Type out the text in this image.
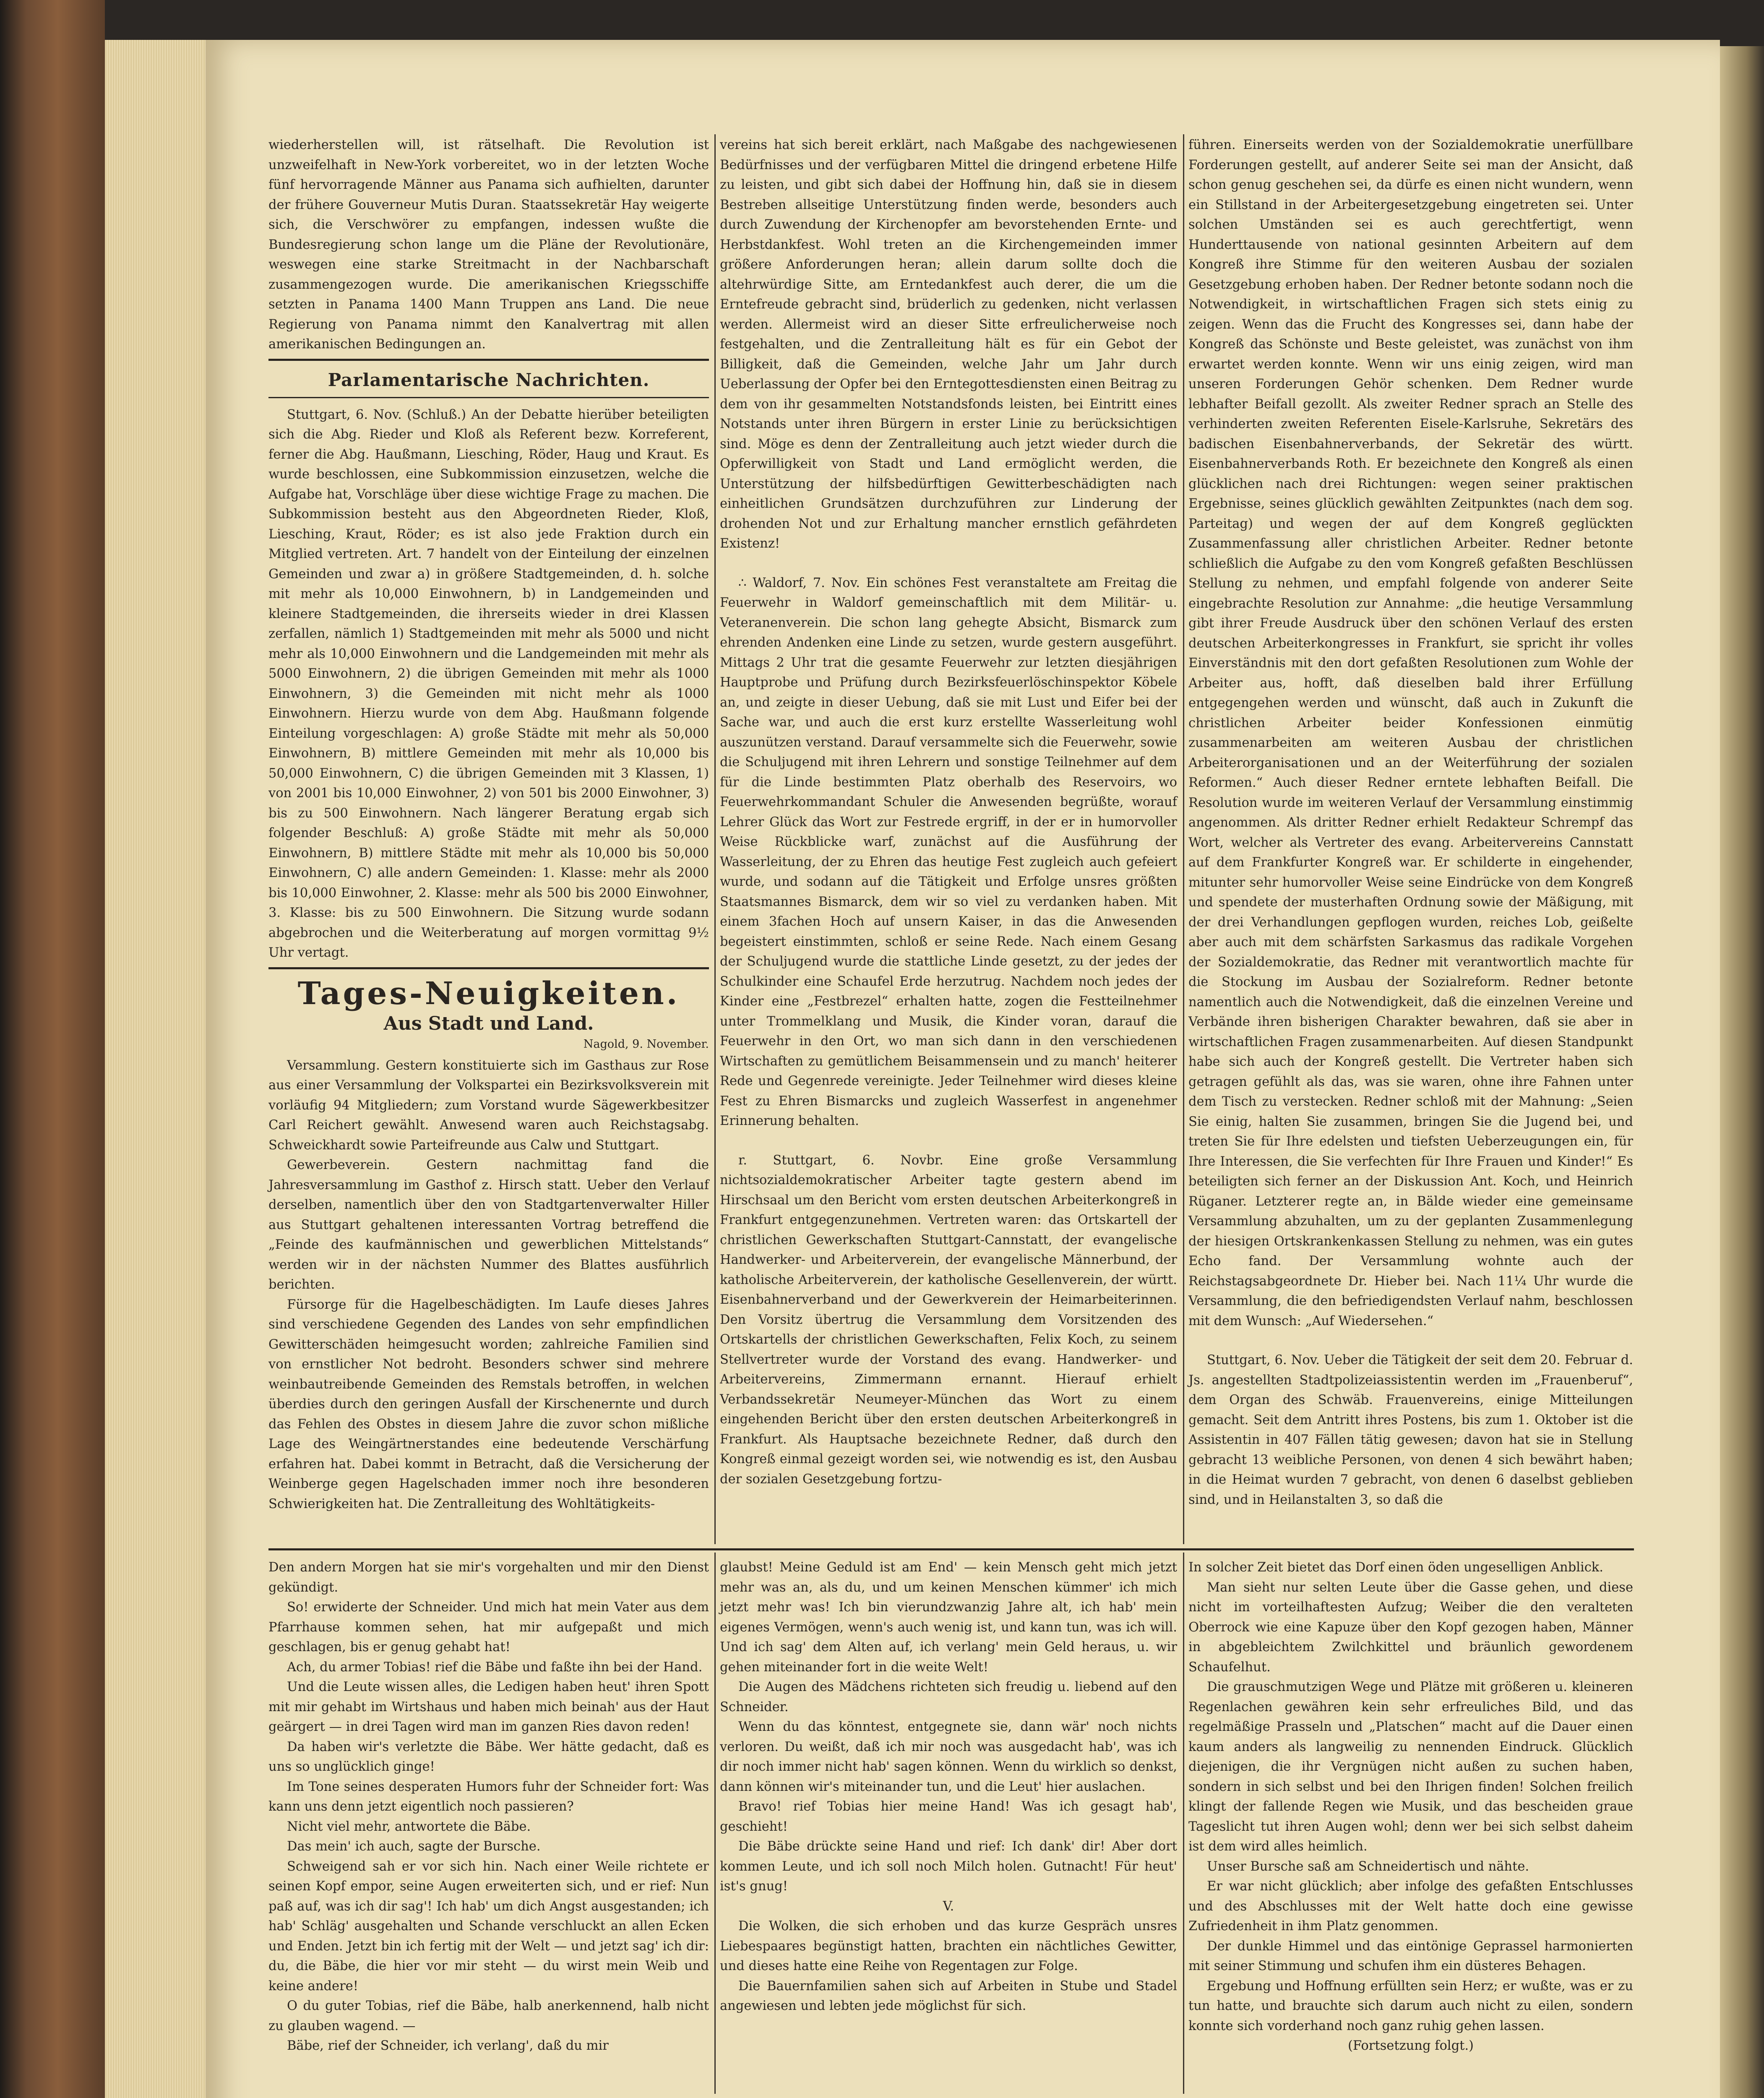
wiederherstellen will, ist rätselhaft. Die Revolution ist unzweifelhaft in New-York vorbereitet, wo in der letzten Woche fünf hervorragende Männer aus Panama sich aufhielten, darunter der frühere Gouverneur Mutis Duran. Staatssekretär Hay weigerte sich, die Verschwörer zu empfangen, indessen wußte die Bundesregierung schon lange um die Pläne der Revolutionäre, weswegen eine starke Streitmacht in der Nachbarschaft zusammengezogen wurde. Die amerikanischen Kriegsschiffe setzten in Panama 1400 Mann Truppen ans Land. Die neue Regierung von Panama nimmt den Kanalvertrag mit allen amerikanischen Bedingungen an.

Parlamentarische Nachrichten.

Stuttgart, 6. Nov. (Schluß.) An der Debatte hierüber beteiligten sich die Abg. Rieder und Kloß als Referent bezw. Korreferent, ferner die Abg. Haußmann, Liesching, Röder, Haug und Kraut. Es wurde beschlossen, eine Subkommission einzusetzen, welche die Aufgabe hat, Vorschläge über diese wichtige Frage zu machen. Die Subkommission besteht aus den Abgeordneten Rieder, Kloß, Liesching, Kraut, Röder; es ist also jede Fraktion durch ein Mitglied vertreten. Art. 7 handelt von der Einteilung der einzelnen Gemeinden und zwar a) in größere Stadtgemeinden, d. h. solche mit mehr als 10,000 Einwohnern, b) in Landgemeinden und kleinere Stadtgemeinden, die ihrerseits wieder in drei Klassen zerfallen, nämlich 1) Stadtgemeinden mit mehr als 5000 und nicht mehr als 10,000 Einwohnern und die Landgemeinden mit mehr als 5000 Einwohnern, 2) die übrigen Gemeinden mit mehr als 1000 Einwohnern, 3) die Gemeinden mit nicht mehr als 1000 Einwohnern. Hierzu wurde von dem Abg. Haußmann folgende Einteilung vorgeschlagen: A) große Städte mit mehr als 50,000 Einwohnern, B) mittlere Gemeinden mit mehr als 10,000 bis 50,000 Einwohnern, C) die übrigen Gemeinden mit 3 Klassen, 1) von 2001 bis 10,000 Einwohner, 2) von 501 bis 2000 Einwohner, 3) bis zu 500 Einwohnern. Nach längerer Beratung ergab sich folgender Beschluß: A) große Städte mit mehr als 50,000 Einwohnern, B) mittlere Städte mit mehr als 10,000 bis 50,000 Einwohnern, C) alle andern Gemeinden: 1. Klasse: mehr als 2000 bis 10,000 Einwohner, 2. Klasse: mehr als 500 bis 2000 Einwohner, 3. Klasse: bis zu 500 Einwohnern. Die Sitzung wurde sodann abgebrochen und die Weiterberatung auf morgen vormittag 9½ Uhr vertagt.

Tages-Neuigkeiten.
Aus Stadt und Land.
Nagold, 9. November.

Versammlung. Gestern konstituierte sich im Gasthaus zur Rose aus einer Versammlung der Volkspartei ein Bezirksvolksverein mit vorläufig 94 Mitgliedern; zum Vorstand wurde Sägewerkbesitzer Carl Reichert gewählt. Anwesend waren auch Reichstagsabg. Schweickhardt sowie Parteifreunde aus Calw und Stuttgart.

Gewerbeverein. Gestern nachmittag fand die Jahresversammlung im Gasthof z. Hirsch statt. Ueber den Verlauf derselben, namentlich über den von Stadtgartenverwalter Hiller aus Stuttgart gehaltenen interessanten Vortrag betreffend die „Feinde des kaufmännischen und gewerblichen Mittelstands“ werden wir in der nächsten Nummer des Blattes ausführlich berichten.

Fürsorge für die Hagelbeschädigten. Im Laufe dieses Jahres sind verschiedene Gegenden des Landes von sehr empfindlichen Gewitterschäden heimgesucht worden; zahlreiche Familien sind von ernstlicher Not bedroht. Besonders schwer sind mehrere weinbautreibende Gemeinden des Remstals betroffen, in welchen überdies durch den geringen Ausfall der Kirschenernte und durch das Fehlen des Obstes in diesem Jahre die zuvor schon mißliche Lage des Weingärtnerstandes eine bedeutende Verschärfung erfahren hat. Dabei kommt in Betracht, daß die Versicherung der Weinberge gegen Hagelschaden immer noch ihre besonderen Schwierigkeiten hat. Die Zentralleitung des Wohltätigkeits-

vereins hat sich bereit erklärt, nach Maßgabe des nachgewiesenen Bedürfnisses und der verfügbaren Mittel die dringend erbetene Hilfe zu leisten, und gibt sich dabei der Hoffnung hin, daß sie in diesem Bestreben allseitige Unterstützung finden werde, besonders auch durch Zuwendung der Kirchenopfer am bevorstehenden Ernte- und Herbstdankfest. Wohl treten an die Kirchengemeinden immer größere Anforderungen heran; allein darum sollte doch die altehrwürdige Sitte, am Erntedankfest auch derer, die um die Erntefreude gebracht sind, brüderlich zu gedenken, nicht verlassen werden. Allermeist wird an dieser Sitte erfreulicherweise noch festgehalten, und die Zentralleitung hält es für ein Gebot der Billigkeit, daß die Gemeinden, welche Jahr um Jahr durch Ueberlassung der Opfer bei den Erntegottesdiensten einen Beitrag zu dem von ihr gesammelten Notstandsfonds leisten, bei Eintritt eines Notstands unter ihren Bürgern in erster Linie zu berücksichtigen sind. Möge es denn der Zentralleitung auch jetzt wieder durch die Opferwilligkeit von Stadt und Land ermöglicht werden, die Unterstützung der hilfsbedürftigen Gewitterbeschädigten nach einheitlichen Grundsätzen durchzuführen zur Linderung der drohenden Not und zur Erhaltung mancher ernstlich gefährdeten Existenz!

∴ Waldorf, 7. Nov. Ein schönes Fest veranstaltete am Freitag die Feuerwehr in Waldorf gemeinschaftlich mit dem Militär- u. Veteranenverein. Die schon lang gehegte Absicht, Bismarck zum ehrenden Andenken eine Linde zu setzen, wurde gestern ausgeführt. Mittags 2 Uhr trat die gesamte Feuerwehr zur letzten diesjährigen Hauptprobe und Prüfung durch Bezirksfeuerlöschinspektor Köbele an, und zeigte in dieser Uebung, daß sie mit Lust und Eifer bei der Sache war, und auch die erst kurz erstellte Wasserleitung wohl auszunützen verstand. Darauf versammelte sich die Feuerwehr, sowie die Schuljugend mit ihren Lehrern und sonstige Teilnehmer auf dem für die Linde bestimmten Platz oberhalb des Reservoirs, wo Feuerwehrkommandant Schuler die Anwesenden begrüßte, worauf Lehrer Glück das Wort zur Festrede ergriff, in der er in humorvoller Weise Rückblicke warf, zunächst auf die Ausführung der Wasserleitung, der zu Ehren das heutige Fest zugleich auch gefeiert wurde, und sodann auf die Tätigkeit und Erfolge unsres größten Staatsmannes Bismarck, dem wir so viel zu verdanken haben. Mit einem 3fachen Hoch auf unsern Kaiser, in das die Anwesenden begeistert einstimmten, schloß er seine Rede. Nach einem Gesang der Schuljugend wurde die stattliche Linde gesetzt, zu der jedes der Schulkinder eine Schaufel Erde herzutrug. Nachdem noch jedes der Kinder eine „Festbrezel“ erhalten hatte, zogen die Festteilnehmer unter Trommelklang und Musik, die Kinder voran, darauf die Feuerwehr in den Ort, wo man sich dann in den verschiedenen Wirtschaften zu gemütlichem Beisammensein und zu manch' heiterer Rede und Gegenrede vereinigte. Jeder Teilnehmer wird dieses kleine Fest zu Ehren Bismarcks und zugleich Wasserfest in angenehmer Erinnerung behalten.

r. Stuttgart, 6. Novbr. Eine große Versammlung nichtsozialdemokratischer Arbeiter tagte gestern abend im Hirschsaal um den Bericht vom ersten deutschen Arbeiterkongreß in Frankfurt entgegenzunehmen. Vertreten waren: das Ortskartell der christlichen Gewerkschaften Stuttgart-Cannstatt, der evangelische Handwerker- und Arbeiterverein, der evangelische Männerbund, der katholische Arbeiterverein, der katholische Gesellenverein, der württ. Eisenbahnerverband und der Gewerkverein der Heimarbeiterinnen. Den Vorsitz übertrug die Versammlung dem Vorsitzenden des Ortskartells der christlichen Gewerkschaften, Felix Koch, zu seinem Stellvertreter wurde der Vorstand des evang. Handwerker- und Arbeitervereins, Zimmermann ernannt. Hierauf erhielt Verbandssekretär Neumeyer-München das Wort zu einem eingehenden Bericht über den ersten deutschen Arbeiterkongreß in Frankfurt. Als Hauptsache bezeichnete Redner, daß durch den Kongreß einmal gezeigt worden sei, wie notwendig es ist, den Ausbau der sozialen Gesetzgebung fortzu-

führen. Einerseits werden von der Sozialdemokratie unerfüllbare Forderungen gestellt, auf anderer Seite sei man der Ansicht, daß schon genug geschehen sei, da dürfe es einen nicht wundern, wenn ein Stillstand in der Arbeitergesetzgebung eingetreten sei. Unter solchen Umständen sei es auch gerechtfertigt, wenn Hunderttausende von national gesinnten Arbeitern auf dem Kongreß ihre Stimme für den weiteren Ausbau der sozialen Gesetzgebung erhoben haben. Der Redner betonte sodann noch die Notwendigkeit, in wirtschaftlichen Fragen sich stets einig zu zeigen. Wenn das die Frucht des Kongresses sei, dann habe der Kongreß das Schönste und Beste geleistet, was zunächst von ihm erwartet werden konnte. Wenn wir uns einig zeigen, wird man unseren Forderungen Gehör schenken. Dem Redner wurde lebhafter Beifall gezollt. Als zweiter Redner sprach an Stelle des verhinderten zweiten Referenten Eisele-Karlsruhe, Sekretärs des badischen Eisenbahnerverbands, der Sekretär des württ. Eisenbahnerverbands Roth. Er bezeichnete den Kongreß als einen glücklichen nach drei Richtungen: wegen seiner praktischen Ergebnisse, seines glücklich gewählten Zeitpunktes (nach dem sog. Parteitag) und wegen der auf dem Kongreß geglückten Zusammenfassung aller christlichen Arbeiter. Redner betonte schließlich die Aufgabe zu den vom Kongreß gefaßten Beschlüssen Stellung zu nehmen, und empfahl folgende von anderer Seite eingebrachte Resolution zur Annahme: „die heutige Versammlung gibt ihrer Freude Ausdruck über den schönen Verlauf des ersten deutschen Arbeiterkongresses in Frankfurt, sie spricht ihr volles Einverständnis mit den dort gefaßten Resolutionen zum Wohle der Arbeiter aus, hofft, daß dieselben bald ihrer Erfüllung entgegengehen werden und wünscht, daß auch in Zukunft die christlichen Arbeiter beider Konfessionen einmütig zusammenarbeiten am weiteren Ausbau der christlichen Arbeiterorganisationen und an der Weiterführung der sozialen Reformen.“ Auch dieser Redner erntete lebhaften Beifall. Die Resolution wurde im weiteren Verlauf der Versammlung einstimmig angenommen. Als dritter Redner erhielt Redakteur Schrempf das Wort, welcher als Vertreter des evang. Arbeitervereins Cannstatt auf dem Frankfurter Kongreß war. Er schilderte in eingehender, mitunter sehr humorvoller Weise seine Eindrücke von dem Kongreß und spendete der musterhaften Ordnung sowie der Mäßigung, mit der drei Verhandlungen gepflogen wurden, reiches Lob, geißelte aber auch mit dem schärfsten Sarkasmus das radikale Vorgehen der Sozialdemokratie, das Redner mit verantwortlich machte für die Stockung im Ausbau der Sozialreform. Redner betonte namentlich auch die Notwendigkeit, daß die einzelnen Vereine und Verbände ihren bisherigen Charakter bewahren, daß sie aber in wirtschaftlichen Fragen zusammenarbeiten. Auf diesen Standpunkt habe sich auch der Kongreß gestellt. Die Vertreter haben sich getragen gefühlt als das, was sie waren, ohne ihre Fahnen unter dem Tisch zu verstecken. Redner schloß mit der Mahnung: „Seien Sie einig, halten Sie zusammen, bringen Sie die Jugend bei, und treten Sie für Ihre edelsten und tiefsten Ueberzeugungen ein, für Ihre Interessen, die Sie verfechten für Ihre Frauen und Kinder!“ Es beteiligten sich ferner an der Diskussion Ant. Koch, und Heinrich Rüganer. Letzterer regte an, in Bälde wieder eine gemeinsame Versammlung abzuhalten, um zu der geplanten Zusammenlegung der hiesigen Ortskrankenkassen Stellung zu nehmen, was ein gutes Echo fand. Der Versammlung wohnte auch der Reichstagsabgeordnete Dr. Hieber bei. Nach 11¼ Uhr wurde die Versammlung, die den befriedigendsten Verlauf nahm, beschlossen mit dem Wunsch: „Auf Wiedersehen.“

Stuttgart, 6. Nov. Ueber die Tätigkeit der seit dem 20. Februar d. Js. angestellten Stadtpolizeiassistentin werden im „Frauenberuf“, dem Organ des Schwäb. Frauenvereins, einige Mitteilungen gemacht. Seit dem Antritt ihres Postens, bis zum 1. Oktober ist die Assistentin in 407 Fällen tätig gewesen; davon hat sie in Stellung gebracht 13 weibliche Personen, von denen 4 sich bewährt haben; in die Heimat wurden 7 gebracht, von denen 6 daselbst geblieben sind, und in Heilanstalten 3, so daß die

Den andern Morgen hat sie mir's vorgehalten und mir den Dienst gekündigt.

So! erwiderte der Schneider. Und mich hat mein Vater aus dem Pfarrhause kommen sehen, hat mir aufgepaßt und mich geschlagen, bis er genug gehabt hat!

Ach, du armer Tobias! rief die Bäbe und faßte ihn bei der Hand.

Und die Leute wissen alles, die Ledigen haben heut' ihren Spott mit mir gehabt im Wirtshaus und haben mich beinah' aus der Haut geärgert — in drei Tagen wird man im ganzen Ries davon reden!

Da haben wir's verletzte die Bäbe. Wer hätte gedacht, daß es uns so unglücklich ginge!

Im Tone seines desperaten Humors fuhr der Schneider fort: Was kann uns denn jetzt eigentlich noch passieren?

Nicht viel mehr, antwortete die Bäbe.

Das mein' ich auch, sagte der Bursche.

Schweigend sah er vor sich hin. Nach einer Weile richtete er seinen Kopf empor, seine Augen erweiterten sich, und er rief: Nun paß auf, was ich dir sag'! Ich hab' um dich Angst ausgestanden; ich hab' Schläg' ausgehalten und Schande verschluckt an allen Ecken und Enden. Jetzt bin ich fertig mit der Welt — und jetzt sag' ich dir: du, die Bäbe, die hier vor mir steht — du wirst mein Weib und keine andere!

O du guter Tobias, rief die Bäbe, halb anerkennend, halb nicht zu glauben wagend. —

Bäbe, rief der Schneider, ich verlang', daß du mir

glaubst! Meine Geduld ist am End' — kein Mensch geht mich jetzt mehr was an, als du, und um keinen Menschen kümmer' ich mich jetzt mehr was! Ich bin vierundzwanzig Jahre alt, ich hab' mein eigenes Vermögen, wenn's auch wenig ist, und kann tun, was ich will. Und ich sag' dem Alten auf, ich verlang' mein Geld heraus, u. wir gehen miteinander fort in die weite Welt!

Die Augen des Mädchens richteten sich freudig u. liebend auf den Schneider.

Wenn du das könntest, entgegnete sie, dann wär' noch nichts verloren. Du weißt, daß ich mir noch was ausgedacht hab', was ich dir noch immer nicht hab' sagen können. Wenn du wirklich so denkst, dann können wir's miteinander tun, und die Leut' hier auslachen.

Bravo! rief Tobias hier meine Hand! Was ich gesagt hab', geschieht!

Die Bäbe drückte seine Hand und rief: Ich dank' dir! Aber dort kommen Leute, und ich soll noch Milch holen. Gutnacht! Für heut' ist's gnug!

V.

Die Wolken, die sich erhoben und das kurze Gespräch unsres Liebespaares begünstigt hatten, brachten ein nächtliches Gewitter, und dieses hatte eine Reihe von Regentagen zur Folge.

Die Bauernfamilien sahen sich auf Arbeiten in Stube und Stadel angewiesen und lebten jede möglichst für sich.

In solcher Zeit bietet das Dorf einen öden ungeselligen Anblick.

Man sieht nur selten Leute über die Gasse gehen, und diese nicht im vorteilhaftesten Aufzug; Weiber die den veralteten Oberrock wie eine Kapuze über den Kopf gezogen haben, Männer in abgebleichtem Zwilchkittel und bräunlich gewordenem Schaufelhut.

Die grauschmutzigen Wege und Plätze mit größeren u. kleineren Regenlachen gewähren kein sehr erfreuliches Bild, und das regelmäßige Prasseln und „Platschen“ macht auf die Dauer einen kaum anders als langweilig zu nennenden Eindruck. Glücklich diejenigen, die ihr Vergnügen nicht außen zu suchen haben, sondern in sich selbst und bei den Ihrigen finden! Solchen freilich klingt der fallende Regen wie Musik, und das bescheiden graue Tageslicht tut ihren Augen wohl; denn wer bei sich selbst daheim ist dem wird alles heimlich.

Unser Bursche saß am Schneidertisch und nähte.

Er war nicht glücklich; aber infolge des gefaßten Entschlusses und des Abschlusses mit der Welt hatte doch eine gewisse Zufriedenheit in ihm Platz genommen.

Der dunkle Himmel und das eintönige Geprassel harmonierten mit seiner Stimmung und schufen ihm ein düsteres Behagen.

Ergebung und Hoffnung erfüllten sein Herz; er wußte, was er zu tun hatte, und brauchte sich darum auch nicht zu eilen, sondern konnte sich vorderhand noch ganz ruhig gehen lassen.

(Fortsetzung folgt.)
